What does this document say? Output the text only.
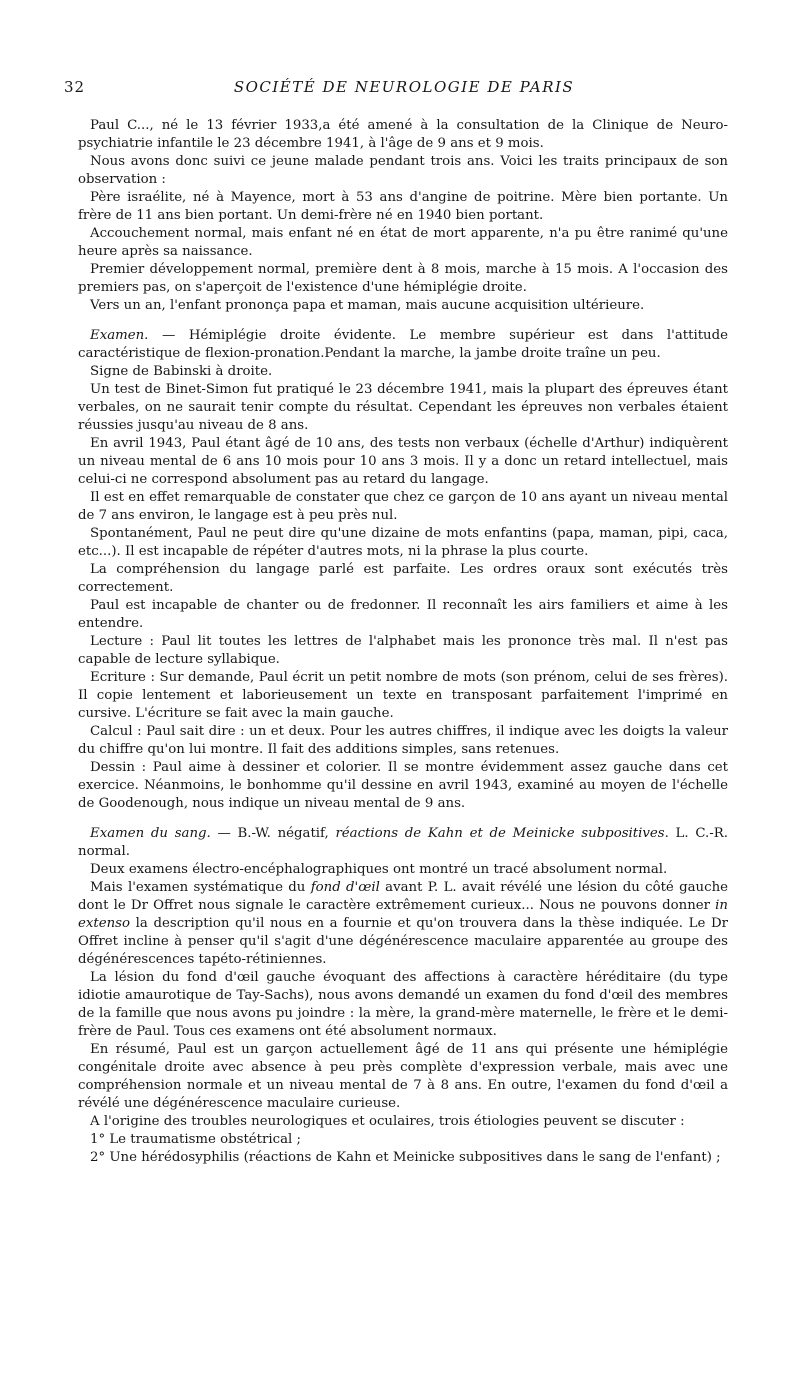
32	SOCIÉTÉ DE NEUROLOGIE DE PARIS

Paul C..., né le 13 février 1933,a été amené à la consultation de la Clinique de Neuro-psychiatrie infantile le 23 décembre 1941, à l'âge de 9 ans et 9 mois.

Nous avons donc suivi ce jeune malade pendant trois ans. Voici les traits principaux de son observation :

Père israélite, né à Mayence, mort à 53 ans d'angine de poitrine. Mère bien portante. Un frère de 11 ans bien portant. Un demi-frère né en 1940 bien portant.

Accouchement normal, mais enfant né en état de mort apparente, n'a pu être ranimé qu'une heure après sa naissance.

Premier développement normal, première dent à 8 mois, marche à 15 mois. A l'occasion des premiers pas, on s'aperçoit de l'existence d'une hémiplégie droite.

Vers un an, l'enfant prononça papa et maman, mais aucune acquisition ultérieure.

Examen. — Hémiplégie droite évidente. Le membre supérieur est dans l'attitude caractéristique de flexion-pronation.Pendant la marche, la jambe droite traîne un peu.

Signe de Babinski à droite.

Un test de Binet-Simon fut pratiqué le 23 décembre 1941, mais la plupart des épreuves étant verbales, on ne saurait tenir compte du résultat. Cependant les épreuves non verbales étaient réussies jusqu'au niveau de 8 ans.

En avril 1943, Paul étant âgé de 10 ans, des tests non verbaux (échelle d'Arthur) indiquèrent un niveau mental de 6 ans 10 mois pour 10 ans 3 mois. Il y a donc un retard intellectuel, mais celui-ci ne correspond absolument pas au retard du langage.

Il est en effet remarquable de constater que chez ce garçon de 10 ans ayant un niveau mental de 7 ans environ, le langage est à peu près nul.

Spontanément, Paul ne peut dire qu'une dizaine de mots enfantins (papa, maman, pipi, caca, etc...). Il est incapable de répéter d'autres mots, ni la phrase la plus courte.

La compréhension du langage parlé est parfaite. Les ordres oraux sont exécutés très correctement.

Paul est incapable de chanter ou de fredonner. Il reconnaît les airs familiers et aime à les entendre.

Lecture : Paul lit toutes les lettres de l'alphabet mais les prononce très mal. Il n'est pas capable de lecture syllabique.

Ecriture : Sur demande, Paul écrit un petit nombre de mots (son prénom, celui de ses frères). Il copie lentement et laborieusement un texte en transposant parfaitement l'imprimé en cursive. L'écriture se fait avec la main gauche.

Calcul : Paul sait dire : un et deux. Pour les autres chiffres, il indique avec les doigts la valeur du chiffre qu'on lui montre. Il fait des additions simples, sans retenues.

Dessin : Paul aime à dessiner et colorier. Il se montre évidemment assez gauche dans cet exercice. Néanmoins, le bonhomme qu'il dessine en avril 1943, examiné au moyen de l'échelle de Goodenough, nous indique un niveau mental de 9 ans.

Examen du sang. — B.-W. négatif, réactions de Kahn et de Meinicke subpositives. L. C.-R. normal.

Deux examens électro-encéphalographiques ont montré un tracé absolument normal.

Mais l'examen systématique du fond d'œil avant P. L. avait révélé une lésion du côté gauche dont le Dr Offret nous signale le caractère extrêmement curieux... Nous ne pouvons donner in extenso la description qu'il nous en a fournie et qu'on trouvera dans la thèse indiquée. Le Dr Offret incline à penser qu'il s'agit d'une dégénérescence maculaire apparentée au groupe des dégénérescences tapéto-rétiniennes.

La lésion du fond d'œil gauche évoquant des affections à caractère héréditaire (du type idiotie amaurotique de Tay-Sachs), nous avons demandé un examen du fond d'œil des membres de la famille que nous avons pu joindre : la mère, la grand-mère maternelle, le frère et le demi-frère de Paul. Tous ces examens ont été absolument normaux.

En résumé, Paul est un garçon actuellement âgé de 11 ans qui présente une hémiplégie congénitale droite avec absence à peu près complète d'expression verbale, mais avec une compréhension normale et un niveau mental de 7 à 8 ans. En outre, l'examen du fond d'œil a révélé une dégénérescence maculaire curieuse.

A l'origine des troubles neurologiques et oculaires, trois étiologies peuvent se discuter :

1° Le traumatisme obstétrical ;

2° Une hérédosyphilis (réactions de Kahn et Meinicke subpositives dans le sang de l'enfant) ;
